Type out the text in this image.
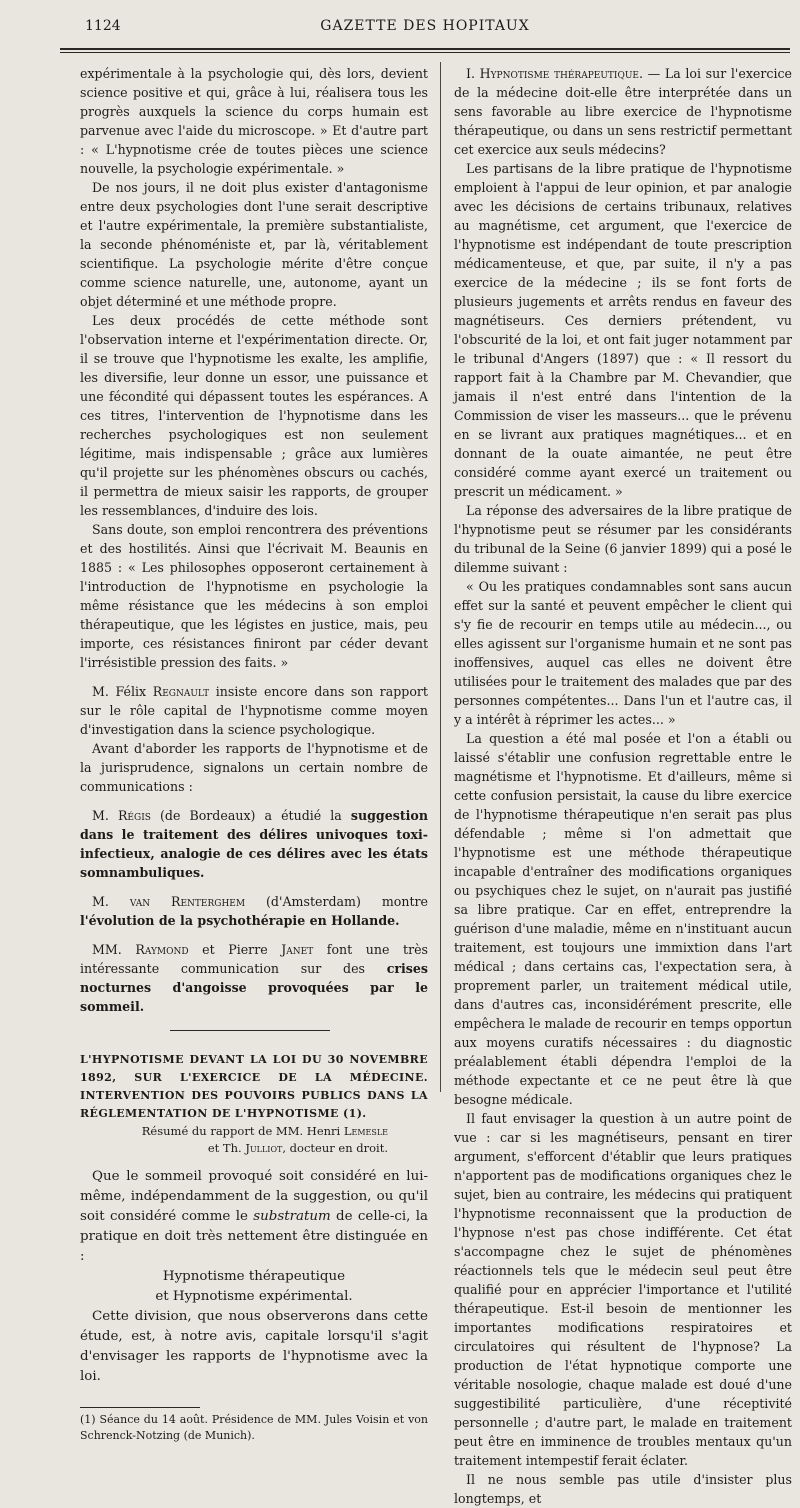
1124	GAZETTE DES HOPITAUX

expérimentale à la psychologie qui, dès lors, devient science positive et qui, grâce à lui, réalisera tous les progrès auxquels la science du corps humain est parvenue avec l'aide du microscope. » Et d'autre part : « L'hypnotisme crée de toutes pièces une science nouvelle, la psychologie expérimentale. »

De nos jours, il ne doit plus exister d'antagonisme entre deux psychologies dont l'une serait descriptive et l'autre expérimentale, la première substantialiste, la seconde phénoméniste et, par là, véritablement scientifique. La psychologie mérite d'être conçue comme science naturelle, une, autonome, ayant un objet déterminé et une méthode propre.

Les deux procédés de cette méthode sont l'observation interne et l'expérimentation directe. Or, il se trouve que l'hypnotisme les exalte, les amplifie, les diversifie, leur donne un essor, une puissance et une fécondité qui dépassent toutes les espérances. A ces titres, l'intervention de l'hypnotisme dans les recherches psychologiques est non seulement légitime, mais indispensable ; grâce aux lumières qu'il projette sur les phénomènes obscurs ou cachés, il permettra de mieux saisir les rapports, de grouper les ressemblances, d'induire des lois.

Sans doute, son emploi rencontrera des préventions et des hostilités. Ainsi que l'écrivait M. Beaunis en 1885 : « Les philosophes opposeront certainement à l'introduction de l'hypnotisme en psychologie la même résistance que les médecins à son emploi thérapeutique, que les légistes en justice, mais, peu importe, ces résistances finiront par céder devant l'irrésistible pression des faits. »

M. Félix Regnault insiste encore dans son rapport sur le rôle capital de l'hypnotisme comme moyen d'investigation dans la science psychologique.

Avant d'aborder les rapports de l'hypnotisme et de la jurisprudence, signalons un certain nombre de communications :

M. Régis (de Bordeaux) a étudié la suggestion dans le traitement des délires univoques toxi-infectieux, analogie de ces délires avec les états somnambuliques.

M. van Renterghem (d'Amsterdam) montre l'évolution de la psychothérapie en Hollande.

MM. Raymond et Pierre Janet font une très intéressante communication sur des crises nocturnes d'angoisse provoquées par le sommeil.

L'HYPNOTISME DEVANT LA LOI DU 30 NOVEMBRE 1892, SUR L'EXERCICE DE LA MÉDECINE. INTERVENTION DES POUVOIRS PUBLICS DANS LA RÉGLEMENTATION DE L'HYPNOTISME (1).

Résumé du rapport de MM. Henri Lemesle

et Th. Julliot, docteur en droit.

Que le sommeil provoqué soit considéré en lui-même, indépendamment de la suggestion, ou qu'il soit considéré comme le substratum de celle-ci, la pratique en doit très nettement être distinguée en :

Hypnotisme thérapeutique

et Hypnotisme expérimental.

Cette division, que nous observerons dans cette étude, est, à notre avis, capitale lorsqu'il s'agit d'envisager les rapports de l'hypnotisme avec la loi.

(1) Séance du 14 août. Présidence de MM. Jules Voisin et von Schrenck-Notzing (de Munich).

I. Hypnotisme thérapeutique. — La loi sur l'exercice de la médecine doit-elle être interprétée dans un sens favorable au libre exercice de l'hypnotisme thérapeutique, ou dans un sens restrictif permettant cet exercice aux seuls médecins?

Les partisans de la libre pratique de l'hypnotisme emploient à l'appui de leur opinion, et par analogie avec les décisions de certains tribunaux, relatives au magnétisme, cet argument, que l'exercice de l'hypnotisme est indépendant de toute prescription médicamenteuse, et que, par suite, il n'y a pas exercice de la médecine ; ils se font forts de plusieurs jugements et arrêts rendus en faveur des magnétiseurs. Ces derniers prétendent, vu l'obscurité de la loi, et ont fait juger notamment par le tribunal d'Angers (1897) que : « Il ressort du rapport fait à la Chambre par M. Chevandier, que jamais il n'est entré dans l'intention de la Commission de viser les masseurs... que le prévenu en se livrant aux pratiques magnétiques... et en donnant de la ouate aimantée, ne peut être considéré comme ayant exercé un traitement ou prescrit un médicament. »

La réponse des adversaires de la libre pratique de l'hypnotisme peut se résumer par les considérants du tribunal de la Seine (6 janvier 1899) qui a posé le dilemme suivant :

« Ou les pratiques condamnables sont sans aucun effet sur la santé et peuvent empêcher le client qui s'y fie de recourir en temps utile au médecin..., ou elles agissent sur l'organisme humain et ne sont pas inoffensives, auquel cas elles ne doivent être utilisées pour le traitement des malades que par des personnes compétentes... Dans l'un et l'autre cas, il y a intérêt à réprimer les actes... »

La question a été mal posée et l'on a établi ou laissé s'établir une confusion regrettable entre le magnétisme et l'hypnotisme. Et d'ailleurs, même si cette confusion persistait, la cause du libre exercice de l'hypnotisme thérapeutique n'en serait pas plus défendable ; même si l'on admettait que l'hypnotisme est une méthode thérapeutique incapable d'entraîner des modifications organiques ou psychiques chez le sujet, on n'aurait pas justifié sa libre pratique. Car en effet, entreprendre la guérison d'une maladie, même en n'instituant aucun traitement, est toujours une immixtion dans l'art médical ; dans certains cas, l'expectation sera, à proprement parler, un traitement médical utile, dans d'autres cas, inconsidérément prescrite, elle empêchera le malade de recourir en temps opportun aux moyens curatifs nécessaires : du diagnostic préalablement établi dépendra l'emploi de la méthode expectante et ce ne peut être là que besogne médicale.

Il faut envisager la question à un autre point de vue : car si les magnétiseurs, pensant en tirer argument, s'efforcent d'établir que leurs pratiques n'apportent pas de modifications organiques chez le sujet, bien au contraire, les médecins qui pratiquent l'hypnotisme reconnaissent que la production de l'hypnose n'est pas chose indifférente. Cet état s'accompagne chez le sujet de phénomènes réactionnels tels que le médecin seul peut être qualifié pour en apprécier l'importance et l'utilité thérapeutique. Est-il besoin de mentionner les importantes modifications respiratoires et circulatoires qui résultent de l'hypnose? La production de l'état hypnotique comporte une véritable nosologie, chaque malade est doué d'une suggestibilité particulière, d'une réceptivité personnelle ; d'autre part, le malade en traitement peut être en imminence de troubles mentaux qu'un traitement intempestif ferait éclater.

Il ne nous semble pas utile d'insister plus longtemps, et
